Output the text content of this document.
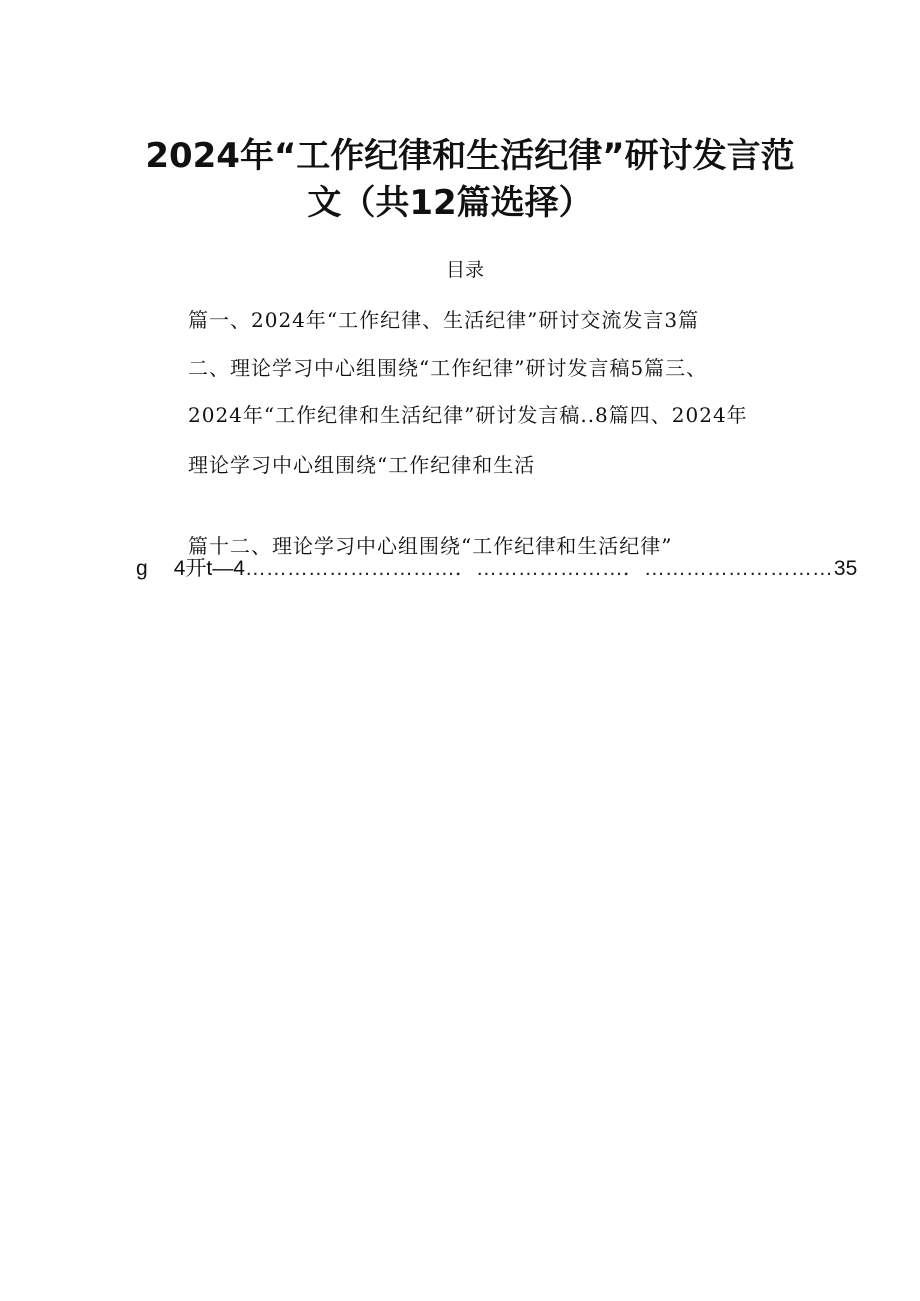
2024年“工作纪律和生活纪律”研讨发言范
文（共12篇选择）
目录
篇一、2024年“工作纪律、生活纪律”研讨交流发言3篇
二、理论学习中心组围绕“工作纪律”研讨发言稿5篇三、
2024年“工作纪律和生活纪律”研讨发言稿..8篇四、2024年
理论学习中心组围绕“工作纪律和生活
篇十二、理论学习中心组围绕“工作纪律和生活纪律”
g 4开t—4 …………………………．…………………．……………………… 35
